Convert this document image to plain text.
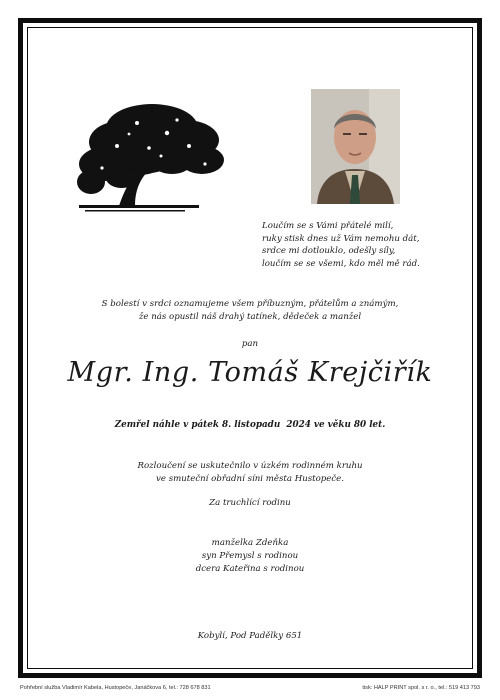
Loučím se s Vámi přátelé milí,
ruky stisk dnes už Vám nemohu dát,
srdce mi dotlouklo, odešly síly,
loučím se se všemi, kdo měl mě rád.
S bolestí v srdci oznamujeme všem příbuzným, přátelům a známým,
že nás opustil náš drahý tatínek, dědeček a manžel
pan
Mgr. Ing. Tomáš Krejčiřík
Zemřel náhle v pátek 8. listopadu  2024 ve věku 80 let.
Rozloučení se uskutečnilo v úzkém rodinném kruhu
ve smuteční obřadní síni města Hustopeče.
Za truchlící rodinu
manželka Zdeňka
syn Přemysl s rodinou
dcera Kateřina s rodinou
Kobylí, Pod Padělky 651
Pohřební služba Vladimír Kabela, Hustopeče, Janáčkova 6, tel.: 728 678 831	tisk: HALP PRINT spol. s r. o., tel.: 519 413 793
